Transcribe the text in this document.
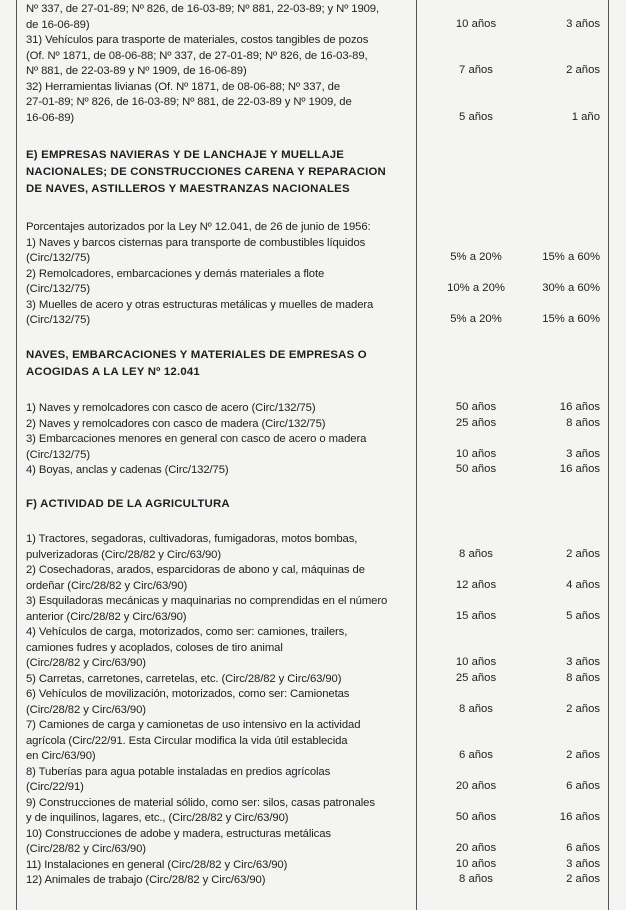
Nº 337, de 27-01-89; Nº 826, de 16-03-89; Nº 881, 22-03-89; y Nº 1909,
de 16-06-89)	10 años	3 años
31) Vehículos para trasporte de materiales, costos tangibles de pozos
(Of. Nº 1871, de 08-06-88; Nº 337, de 27-01-89; Nº 826, de 16-03-89,
Nº 881, de 22-03-89 y Nº 1909, de 16-06-89)	7 años	2 años
32) Herramientas livianas (Of. Nº 1871, de 08-06-88; Nº 337, de
27-01-89; Nº 826, de 16-03-89; Nº 881, de 22-03-89 y Nº 1909, de
16-06-89)	5 años	1 año
E) EMPRESAS NAVIERAS Y DE LANCHAJE Y MUELLAJE
NACIONALES; DE CONSTRUCCIONES CARENA Y REPARACION
DE NAVES, ASTILLEROS Y MAESTRANZAS NACIONALES
Porcentajes autorizados por la Ley Nº 12.041, de 26 de junio de 1956:
1) Naves y barcos cisternas para transporte de combustibles líquidos
(Circ/132/75)	5% a 20%	15% a 60%
2) Remolcadores, embarcaciones y demás materiales a flote
(Circ/132/75)	10% a 20%	30% a 60%
3) Muelles de acero y otras estructuras metálicas y muelles de madera
(Circ/132/75)	5% a 20%	15% a 60%
NAVES, EMBARCACIONES Y MATERIALES DE EMPRESAS O
ACOGIDAS A LA LEY Nº 12.041
1) Naves y remolcadores con casco de acero (Circ/132/75)	50 años	16 años
2) Naves y remolcadores con casco de madera (Circ/132/75)	25 años	8 años
3) Embarcaciones menores en general con casco de acero o madera
(Circ/132/75)	10 años	3 años
4) Boyas, anclas y cadenas (Circ/132/75)	50 años	16 años
F) ACTIVIDAD DE LA AGRICULTURA
1) Tractores, segadoras, cultivadoras, fumigadoras, motos bombas,
pulverizadoras (Circ/28/82 y Circ/63/90)	8 años	2 años
2) Cosechadoras, arados, esparcidoras de abono y cal, máquinas de
ordeñar (Circ/28/82 y Circ/63/90)	12 años	4 años
3) Esquiladoras mecánicas y maquinarias no comprendidas en el número
anterior (Circ/28/82 y Circ/63/90)	15 años	5 años
4) Vehículos de carga, motorizados, como ser: camiones, trailers,
camiones fudres y acoplados, coloses de tiro animal
(Circ/28/82 y Circ/63/90)	10 años	3 años
5) Carretas, carretones, carretelas, etc. (Circ/28/82 y Circ/63/90)	25 años	8 años
6) Vehículos de movilización, motorizados, como ser: Camionetas
(Circ/28/82 y Circ/63/90)	8 años	2 años
7) Camiones de carga y camionetas de uso intensivo en la actividad
agrícola (Circ/22/91. Esta Circular modifica la vida útil establecida
en Circ/63/90)	6 años	2 años
8) Tuberías para agua potable instaladas en predios agrícolas
(Circ/22/91)	20 años	6 años
9) Construcciones de material sólido, como ser: silos, casas patronales
y de inquilinos, lagares, etc., (Circ/28/82 y Circ/63/90)	50 años	16 años
10) Construcciones de adobe y madera, estructuras metálicas
(Circ/28/82 y Circ/63/90)	20 años	6 años
11) Instalaciones en general (Circ/28/82 y Circ/63/90)	10 años	3 años
12) Animales de trabajo (Circ/28/82 y Circ/63/90)	8 años	2 años
